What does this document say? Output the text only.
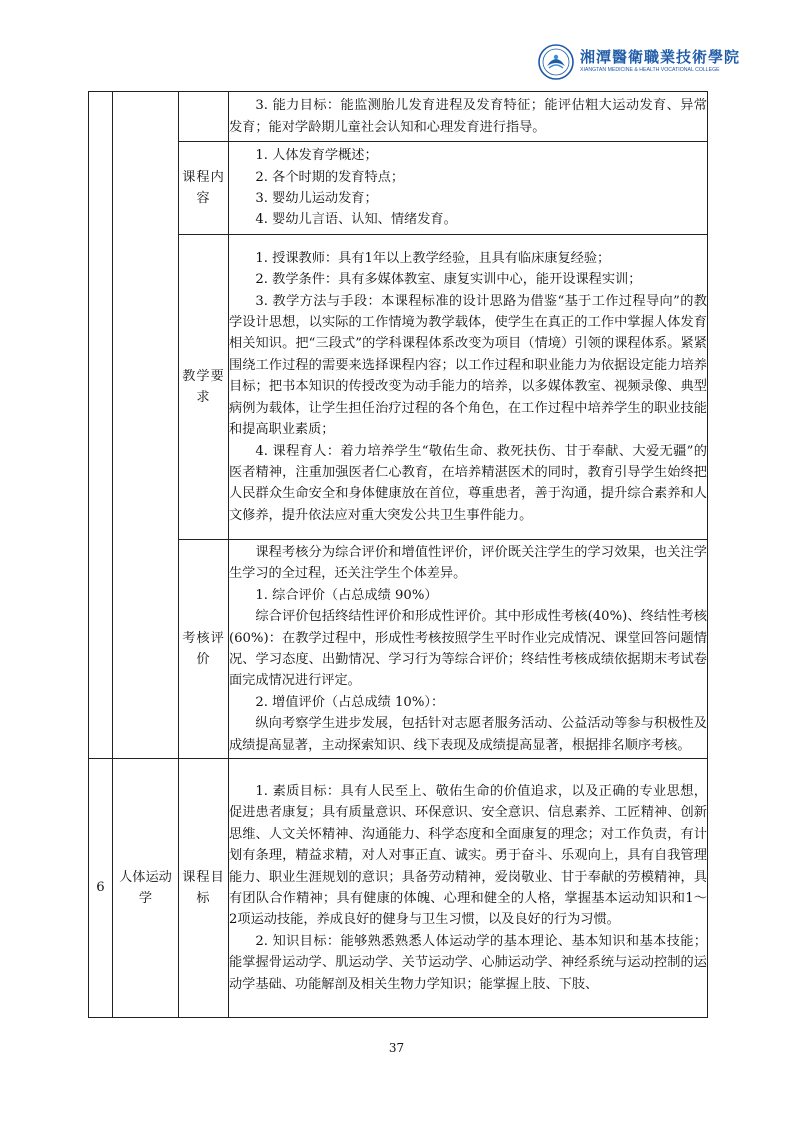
湘潭醫衛職業技術學院
XIANGTAN MEDICINE & HEALTH VOCATIONAL COLLEGE

			3. 能力目标：能监测胎儿发育进程及发育特征；能评估粗大运动发育、异常发育；能对学龄期儿童社会认知和心理发育进行指导。

		课程内容	1. 人体发育学概述；

2. 各个时期的发育特点；

3. 婴幼儿运动发育；

4. 婴幼儿言语、认知、情绪发育。

		教学要求	1. 授课教师：具有1年以上教学经验，且具有临床康复经验；

2. 教学条件：具有多媒体教室、康复实训中心，能开设课程实训；

3. 教学方法与手段：本课程标准的设计思路为借鉴“基于工作过程导向”的教学设计思想，以实际的工作情境为教学载体，使学生在真正的工作中掌握人体发育相关知识。把“三段式”的学科课程体系改变为项目（情境）引领的课程体系。紧紧围绕工作过程的需要来选择课程内容；以工作过程和职业能力为依据设定能力培养目标；把书本知识的传授改变为动手能力的培养，以多媒体教室、视频录像、典型病例为载体，让学生担任治疗过程的各个角色，在工作过程中培养学生的职业技能和提高职业素质；

4. 课程育人：着力培养学生“敬佑生命、救死扶伤、甘于奉献、大爱无疆”的医者精神，注重加强医者仁心教育，在培养精湛医术的同时，教育引导学生始终把人民群众生命安全和身体健康放在首位，尊重患者，善于沟通，提升综合素养和人文修养，提升依法应对重大突发公共卫生事件能力。

		考核评价	课程考核分为综合评价和增值性评价，评价既关注学生的学习效果，也关注学生学习的全过程，还关注学生个体差异。

1. 综合评价（占总成绩 90%）

综合评价包括终结性评价和形成性评价。其中形成性考核(40%)、终结性考核(60%)：在教学过程中，形成性考核按照学生平时作业完成情况、课堂回答问题情况、学习态度、出勤情况、学习行为等综合评价；终结性考核成绩依据期末考试卷面完成情况进行评定。

2. 增值评价（占总成绩 10%）：

纵向考察学生进步发展，包括针对志愿者服务活动、公益活动等参与积极性及成绩提高显著，主动探索知识、线下表现及成绩提高显著，根据排名顺序考核。

6	人体运动学	课程目标	1. 素质目标：具有人民至上、敬佑生命的价值追求，以及正确的专业思想，促进患者康复；具有质量意识、环保意识、安全意识、信息素养、工匠精神、创新思维、人文关怀精神、沟通能力、科学态度和全面康复的理念；对工作负责，有计划有条理，精益求精，对人对事正直、诚实。勇于奋斗、乐观向上，具有自我管理能力、职业生涯规划的意识；具备劳动精神，爱岗敬业、甘于奉献的劳模精神，具有团队合作精神；具有健康的体魄、心理和健全的人格，掌握基本运动知识和1～2项运动技能，养成良好的健身与卫生习惯，以及良好的行为习惯。

2. 知识目标：能够熟悉熟悉人体运动学的基本理论、基本知识和基本技能；能掌握骨运动学、肌运动学、关节运动学、心肺运动学、神经系统与运动控制的运动学基础、功能解剖及相关生物力学知识；能掌握上肢、下肢、

37
